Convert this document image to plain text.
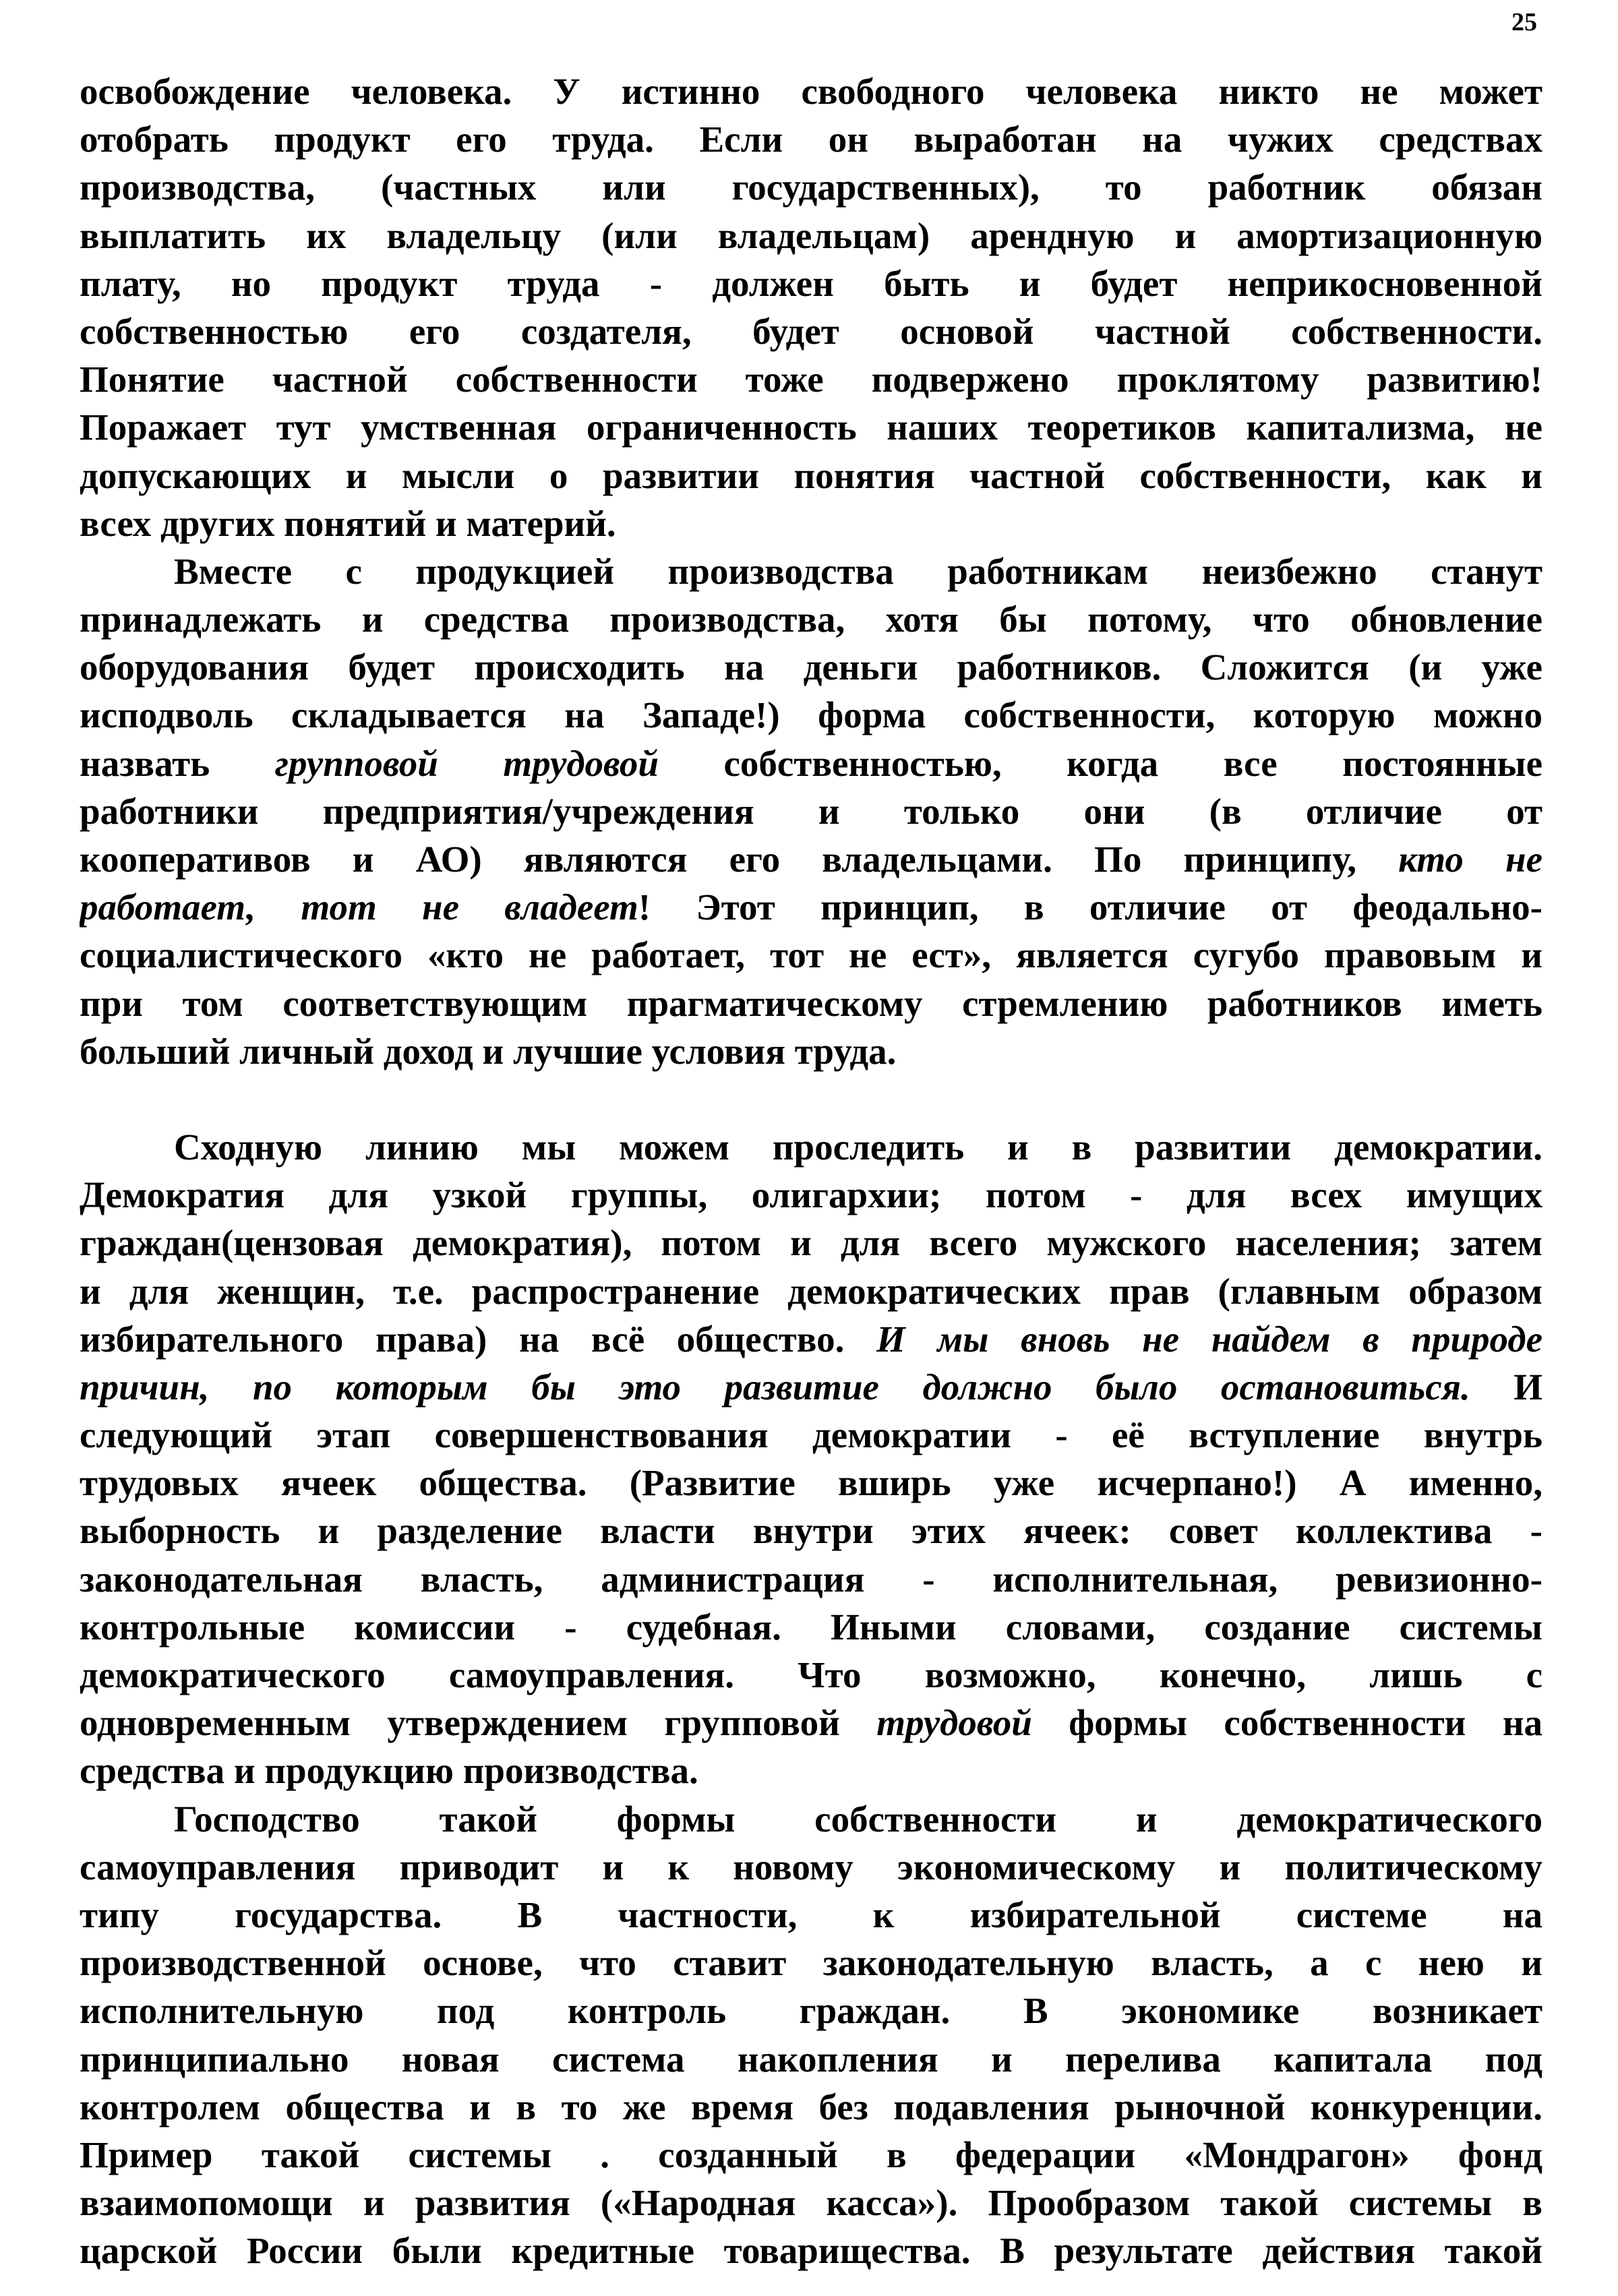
25
освобождение человека. У истинно свободного человека никто не может
отобрать продукт его труда. Если он выработан на чужих средствах
производства, (частных или государственных), то работник обязан
выплатить их владельцу (или владельцам) арендную и амортизационную
плату, но продукт труда - должен быть и будет неприкосновенной
собственностью его создателя, будет основой частной собственности.
Понятие частной собственности тоже подвержено проклятому развитию!
Поражает тут умственная ограниченность наших теоретиков капитализма, не
допускающих и мысли о развитии понятия частной собственности, как и
всех других понятий и материй.
Вместе с продукцией производства работникам неизбежно станут
принадлежать и средства производства, хотя бы потому, что обновление
оборудования будет происходить на деньги работников. Сложится (и уже
исподволь складывается на Западе!) форма собственности, которую можно
назвать групповой трудовой собственностью, когда все постоянные
работники предприятия/учреждения и только они (в отличие от
кооперативов и АО) являются его владельцами. По принципу, кто не
работает, тот не владеет! Этот принцип, в отличие от феодально-
социалистического «кто не работает, тот не ест», является сугубо правовым и
при том соответствующим прагматическому стремлению работников иметь
больший личный доход и лучшие условия труда.
Сходную линию мы можем проследить и в развитии демократии.
Демократия для узкой группы, олигархии; потом - для всех имущих
граждан(цензовая демократия), потом и для всего мужского населения; затем
и для женщин, т.е. распространение демократических прав (главным образом
избирательного права) на всё общество. И мы вновь не найдем в природе
причин, по которым бы это развитие должно было остановиться. И
следующий этап совершенствования демократии - её вступление внутрь
трудовых ячеек общества. (Развитие вширь уже исчерпано!) А именно,
выборность и разделение власти внутри этих ячеек: совет коллектива -
законодательная власть, администрация - исполнительная, ревизионно-
контрольные комиссии - судебная. Иными словами, создание системы
демократического самоуправления. Что возможно, конечно, лишь с
одновременным утверждением групповой трудовой формы собственности на
средства и продукцию производства.
Господство такой формы собственности и демократического
самоуправления приводит и к новому экономическому и политическому
типу государства. В частности, к избирательной системе на
производственной основе, что ставит законодательную власть, а с нею и
исполнительную под контроль граждан. В экономике возникает
принципиально новая система накопления и перелива капитала под
контролем общества и в то же время без подавления рыночной конкуренции.
Пример такой системы . созданный в федерации «Мондрагон» фонд
взаимопомощи и развития («Народная касса»). Прообразом такой системы в
царской России были кредитные товарищества. В результате действия такой
